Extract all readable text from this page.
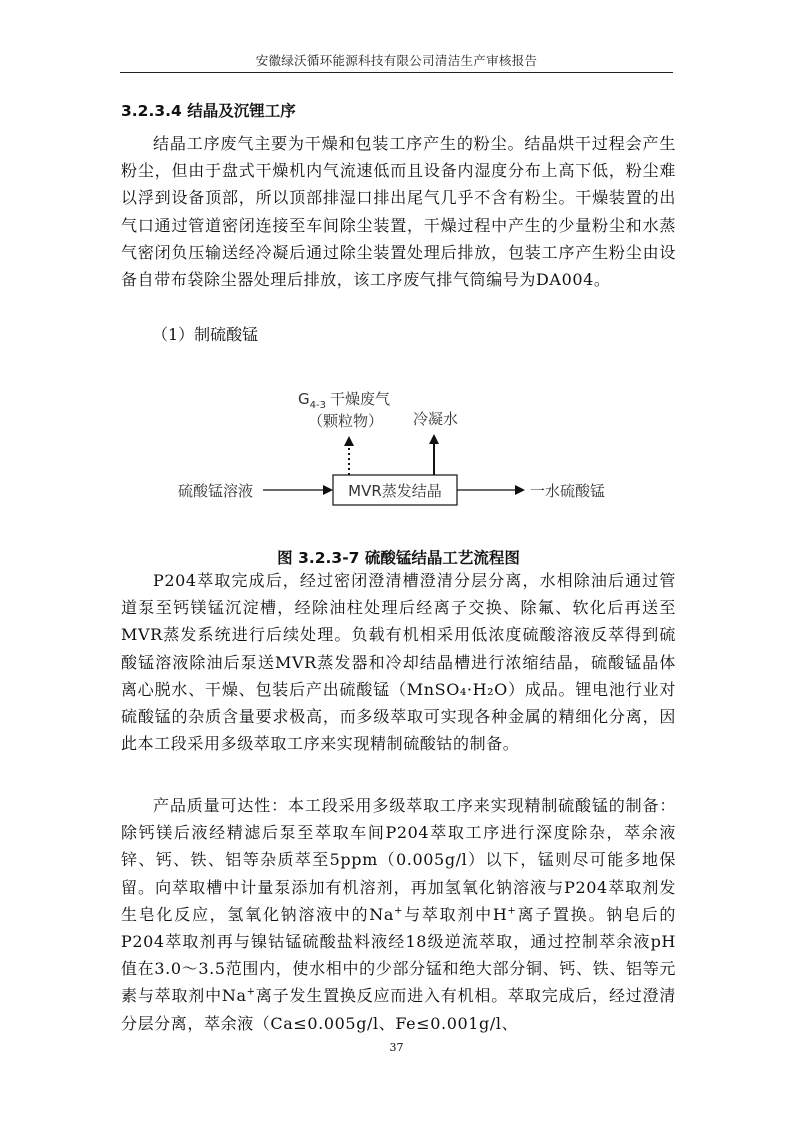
安徽绿沃循环能源科技有限公司清洁生产审核报告
3.2.3.4 结晶及沉锂工序
结晶工序废气主要为干燥和包装工序产生的粉尘。结晶烘干过程会产生粉尘，但由于盘式干燥机内气流速低而且设备内湿度分布上高下低，粉尘难以浮到设备顶部，所以顶部排湿口排出尾气几乎不含有粉尘。干燥装置的出气口通过管道密闭连接至车间除尘装置，干燥过程中产生的少量粉尘和水蒸气密闭负压输送经冷凝后通过除尘装置处理后排放，包装工序产生粉尘由设备自带布袋除尘器处理后排放，该工序废气排气筒编号为DA004。
（1）制硫酸锰
$G_{4-3}$ 干燥废气
（颗粒物） 冷凝水
MVR蒸发结晶
硫酸锰溶液	一水硫酸锰
图 3.2.3-7 硫酸锰结晶工艺流程图
P204萃取完成后，经过密闭澄清槽澄清分层分离，水相除油后通过管道泵至钙镁锰沉淀槽，经除油柱处理后经离子交换、除氟、软化后再送至MVR蒸发系统进行后续处理。负载有机相采用低浓度硫酸溶液反萃得到硫酸锰溶液除油后泵送MVR蒸发器和冷却结晶槽进行浓缩结晶，硫酸锰晶体离心脱水、干燥、包装后产出硫酸锰（MnSO₄·H₂O）成品。锂电池行业对硫酸锰的杂质含量要求极高，而多级萃取可实现各种金属的精细化分离，因此本工段采用多级萃取工序来实现精制硫酸钴的制备。
产品质量可达性：本工段采用多级萃取工序来实现精制硫酸锰的制备：除钙镁后液经精滤后泵至萃取车间P204萃取工序进行深度除杂，萃余液锌、钙、铁、铝等杂质萃至5ppm（0.005g/l）以下，锰则尽可能多地保留。向萃取槽中计量泵添加有机溶剂，再加氢氧化钠溶液与P204萃取剂发生皂化反应，氢氧化钠溶液中的Na+与萃取剂中H+离子置换。钠皂后的P204萃取剂再与镍钴锰硫酸盐料液经18级逆流萃取，通过控制萃余液pH值在3.0～3.5范围内，使水相中的少部分锰和绝大部分铜、钙、铁、铝等元素与萃取剂中Na+离子发生置换反应而进入有机相。萃取完成后，经过澄清分层分离，萃余液（Ca≤0.005g/l、Fe≤0.001g/l、
37
